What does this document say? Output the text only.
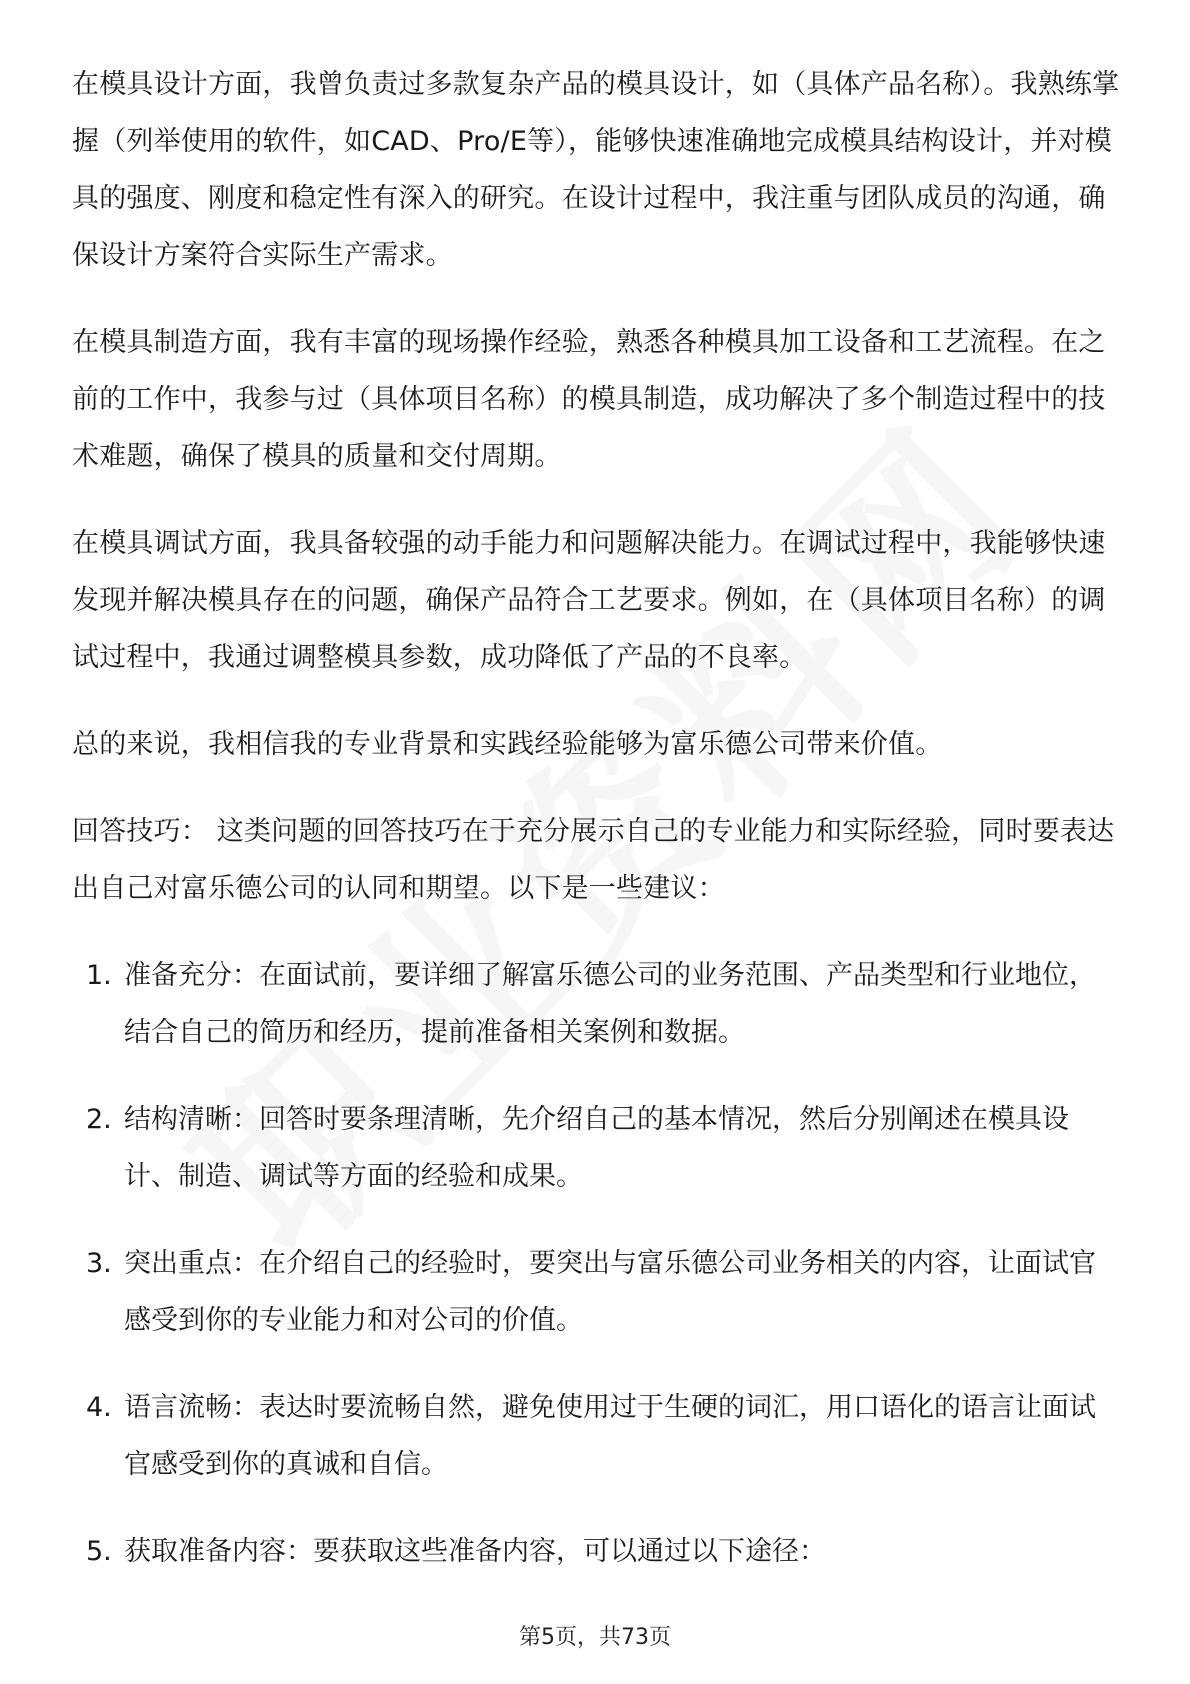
在模具设计方面，我曾负责过多款复杂产品的模具设计，如（具体产品名称）。我熟练掌握（列举使用的软件，如CAD、Pro/E等），能够快速准确地完成模具结构设计，并对模具的强度、刚度和稳定性有深入的研究。在设计过程中，我注重与团队成员的沟通，确保设计方案符合实际生产需求。

在模具制造方面，我有丰富的现场操作经验，熟悉各种模具加工设备和工艺流程。在之前的工作中，我参与过（具体项目名称）的模具制造，成功解决了多个制造过程中的技术难题，确保了模具的质量和交付周期。

在模具调试方面，我具备较强的动手能力和问题解决能力。在调试过程中，我能够快速发现并解决模具存在的问题，确保产品符合工艺要求。例如，在（具体项目名称）的调试过程中，我通过调整模具参数，成功降低了产品的不良率。

总的来说，我相信我的专业背景和实践经验能够为富乐德公司带来价值。

回答技巧： 这类问题的回答技巧在于充分展示自己的专业能力和实际经验，同时要表达出自己对富乐德公司的认同和期望。以下是一些建议：

1. 准备充分：在面试前，要详细了解富乐德公司的业务范围、产品类型和行业地位，结合自己的简历和经历，提前准备相关案例和数据。
2. 结构清晰：回答时要条理清晰，先介绍自己的基本情况，然后分别阐述在模具设计、制造、调试等方面的经验和成果。
3. 突出重点：在介绍自己的经验时，要突出与富乐德公司业务相关的内容，让面试官感受到你的专业能力和对公司的价值。
4. 语言流畅：表达时要流畅自然，避免使用过于生硬的词汇，用口语化的语言让面试官感受到你的真诚和自信。
5. 获取准备内容：要获取这些准备内容，可以通过以下途径：
第5页，共73页
